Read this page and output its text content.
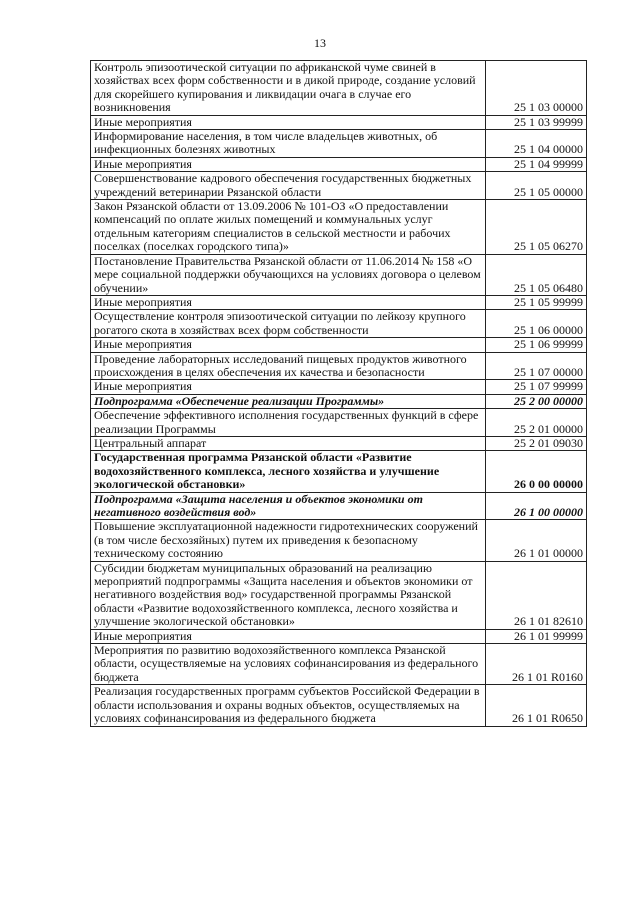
13
Контроль эпизоотической ситуации по африканской чуме свиней в хозяйствах всех форм собственности и в дикой природе, создание условий для скорейшего купирования и ликвидации очага в случае его возникновения	25 1 03 00000
Иные мероприятия	25 1 03 99999
Информирование населения, в том числе владельцев животных, об инфекционных болезнях животных	25 1 04 00000
Иные мероприятия	25 1 04 99999
Совершенствование кадрового обеспечения государственных бюджетных учреждений ветеринарии Рязанской области	25 1 05 00000
Закон Рязанской области от 13.09.2006 № 101-ОЗ «О предоставлении компенсаций по оплате жилых помещений и коммунальных услуг отдельным категориям специалистов в сельской местности и рабочих поселках (поселках городского типа)»	25 1 05 06270
Постановление Правительства Рязанской области от 11.06.2014 № 158 «О мере социальной поддержки обучающихся на условиях договора о целевом обучении»	25 1 05 06480
Иные мероприятия	25 1 05 99999
Осуществление контроля эпизоотической ситуации по лейкозу крупного рогатого скота в хозяйствах всех форм собственности	25 1 06 00000
Иные мероприятия	25 1 06 99999
Проведение лабораторных исследований пищевых продуктов животного происхождения в целях обеспечения их качества и безопасности	25 1 07 00000
Иные мероприятия	25 1 07 99999
Подпрограмма «Обеспечение реализации Программы»	25 2 00 00000
Обеспечение эффективного исполнения государственных функций в сфере реализации Программы	25 2 01 00000
Центральный аппарат	25 2 01 09030
Государственная программа Рязанской области «Развитие водохозяйственного комплекса, лесного хозяйства и улучшение экологической обстановки»	26 0 00 00000
Подпрограмма «Защита населения и объектов экономики от негативного воздействия вод»	26 1 00 00000
Повышение эксплуатационной надежности гидротехнических сооружений (в том числе бесхозяйных) путем их приведения к безопасному техническому состоянию	26 1 01 00000
Субсидии бюджетам муниципальных образований на реализацию мероприятий подпрограммы «Защита населения и объектов экономики от негативного воздействия вод» государственной программы Рязанской области «Развитие водохозяйственного комплекса, лесного хозяйства и улучшение экологической обстановки»	26 1 01 82610
Иные мероприятия	26 1 01 99999
Мероприятия по развитию водохозяйственного комплекса Рязанской области, осуществляемые на условиях софинансирования из федерального бюджета	26 1 01 R0160
Реализация государственных программ субъектов Российской Федерации в области использования и охраны водных объектов, осуществляемых на условиях софинансирования из федерального бюджета	26 1 01 R0650
